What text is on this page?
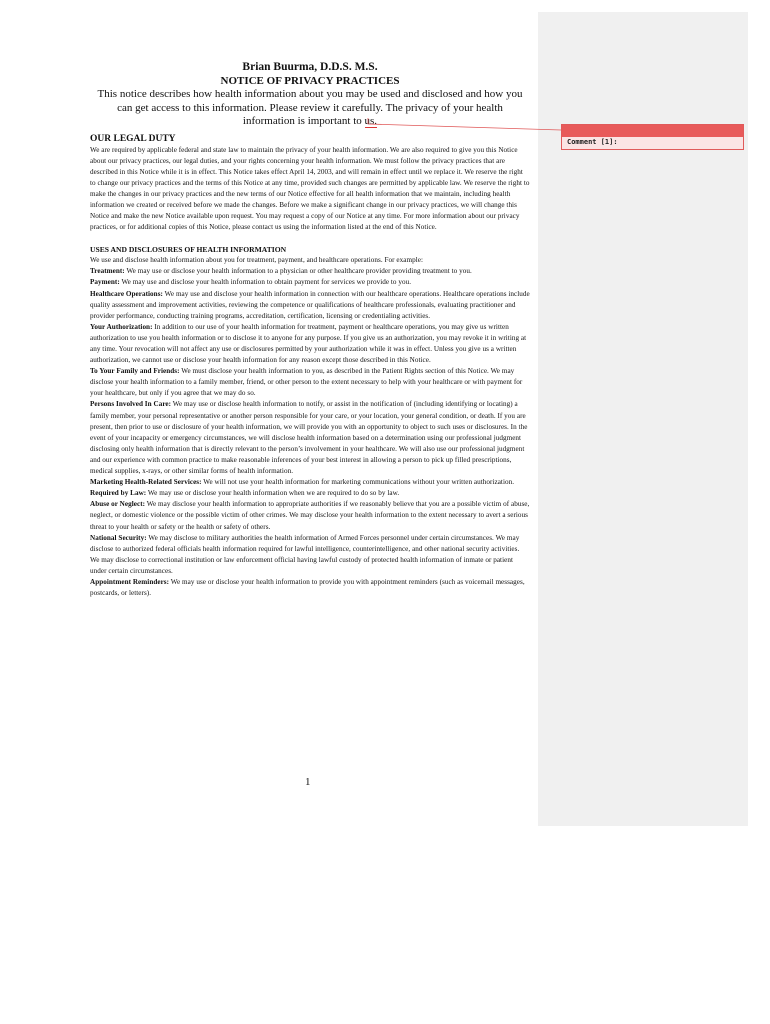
Brian Buurma, D.D.S. M.S.
NOTICE OF PRIVACY PRACTICES
This notice describes how health information about you may be used and disclosed and how you
can get access to this information. Please review it carefully. The privacy of your health
information is important to us.
OUR LEGAL DUTY

We are required by applicable federal and state law to maintain the privacy of your health information. We are also required to give you this Notice about our privacy practices, our legal duties, and your rights concerning your health information. We must follow the privacy practices that are described in this Notice while it is in effect. This Notice takes effect April 14, 2003, and will remain in effect until we replace it. We reserve the right to change our privacy practices and the terms of this Notice at any time, provided such changes are permitted by applicable law. We reserve the right to make the changes in our privacy practices and the new terms of our Notice effective for all health information that we maintain, including health information we created or received before we made the changes. Before we make a significant change in our privacy practices, we will change this Notice and make the new Notice available upon request. You may request a copy of our Notice at any time. For more information about our privacy practices, or for additional copies of this Notice, please contact us using the information listed at the end of this Notice.

USES AND DISCLOSURES OF HEALTH INFORMATION

We use and disclose health information about you for treatment, payment, and healthcare operations. For example:

Treatment: We may use or disclose your health information to a physician or other healthcare provider providing treatment to you.

Payment: We may use and disclose your health information to obtain payment for services we provide to you.

Healthcare Operations: We may use and disclose your health information in connection with our healthcare operations. Healthcare operations include quality assessment and improvement activities, reviewing the competence or qualifications of healthcare professionals, evaluating practitioner and provider performance, conducting training programs, accreditation, certification, licensing or credentialing activities.

Your Authorization: In addition to our use of your health information for treatment, payment or healthcare operations, you may give us written authorization to use you health information or to disclose it to anyone for any purpose. If you give us an authorization, you may revoke it in writing at any time. Your revocation will not affect any use or disclosures permitted by your authorization while it was in effect. Unless you give us a written authorization, we cannot use or disclose your health information for any reason except those described in this Notice.

To Your Family and Friends: We must disclose your health information to you, as described in the Patient Rights section of this Notice. We may disclose your health information to a family member, friend, or other person to the extent necessary to help with your healthcare or with payment for your healthcare, but only if you agree that we may do so.

Persons Involved In Care: We may use or disclose health information to notify, or assist in the notification of (including identifying or locating) a family member, your personal representative or another person responsible for your care, or your location, your general condition, or death. If you are present, then prior to use or disclosure of your health information, we will provide you with an opportunity to object to such uses or disclosures. In the event of your incapacity or emergency circumstances, we will disclose health information based on a determination using our professional judgment disclosing only health information that is directly relevant to the person’s involvement in your healthcare. We will also use our professional judgment and our experience with common practice to make reasonable inferences of your best interest in allowing a person to pick up filled prescriptions, medical supplies, x-rays, or other similar forms of health information.

Marketing Health-Related Services: We will not use your health information for marketing communications without your written authorization.

Required by Law: We may use or disclose your health information when we are required to do so by law.

Abuse or Neglect: We may disclose your health information to appropriate authorities if we reasonably believe that you are a possible victim of abuse, neglect, or domestic violence or the possible victim of other crimes. We may disclose your health information to the extent necessary to avert a serious threat to your health or safety or the health or safety of others.

National Security: We may disclose to military authorities the health information of Armed Forces personnel under certain circumstances. We may disclose to authorized federal officials health information required for lawful intelligence, counterintelligence, and other national security activities. We may disclose to correctional institution or law enforcement official having lawful custody of protected health information of inmate or patient under certain circumstances.

Appointment Reminders: We may use or disclose your health information to provide you with appointment reminders (such as voicemail messages, postcards, or letters).

1
Comment [1]:
